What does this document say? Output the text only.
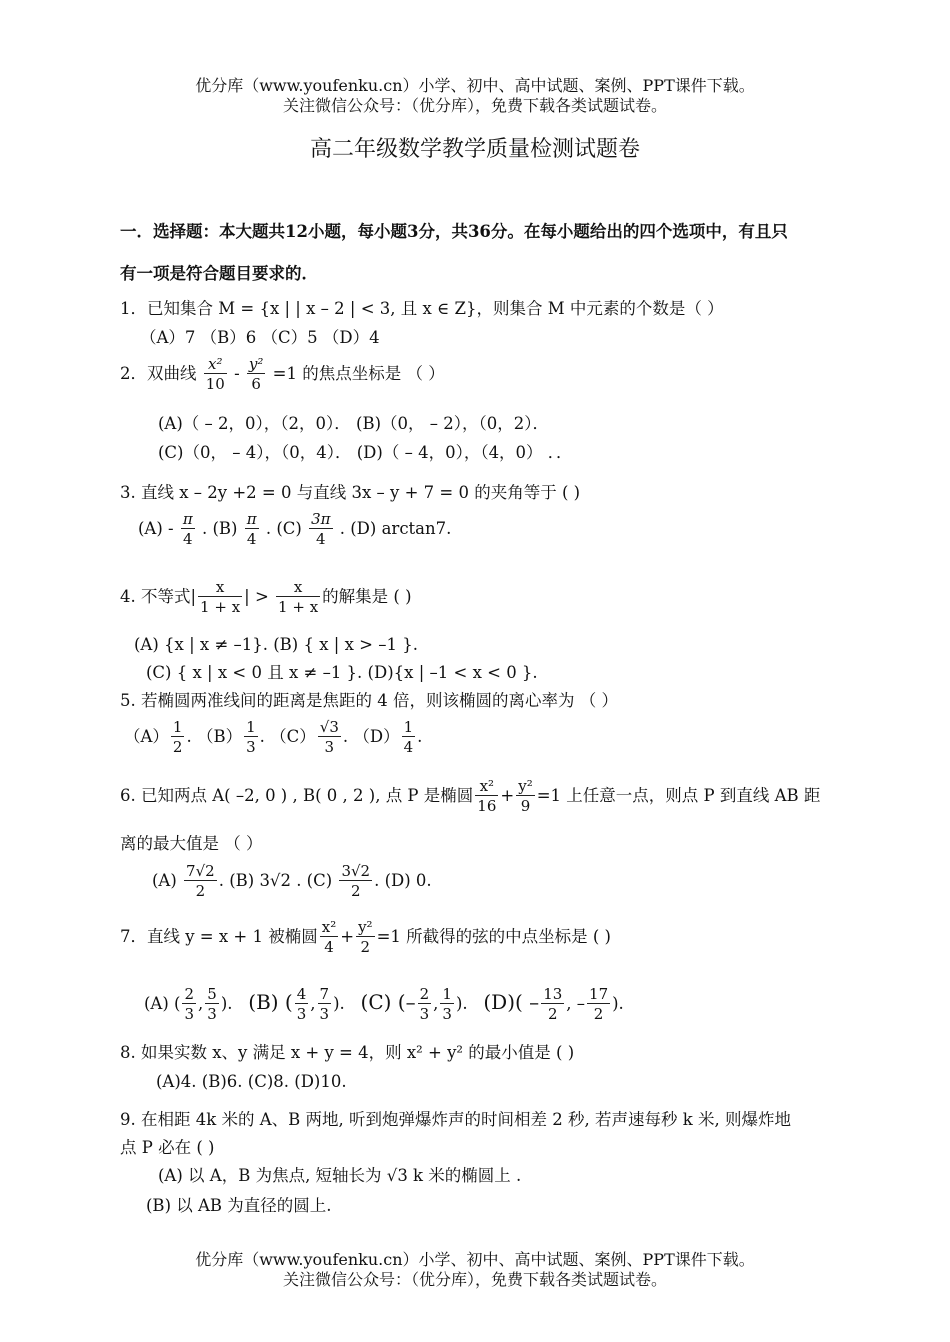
优分库（www.youfenku.cn）小学、初中、高中试题、案例、PPT课件下载。
关注微信公众号：（优分库），免费下载各类试题试卷。
高二年级数学教学质量检测试题卷
一．选择题：本大题共12小题，每小题3分，共36分。在每小题给出的四个选项中，有且只
有一项是符合题目要求的．
1．已知集合 M = {x | | x – 2 | < 3, 且 x ∈ Z}，则集合 M 中元素的个数是（ ）
（A）7 （B）6 （C）5 （D）4
2．双曲线 $\frac{\text{x²}}{10} - \frac{\text{y²}}{6} =1$ 的焦点坐标是 （ ）
(A)（ – 2，0），（2，0）． (B)（0， – 2），（0，2）．
(C)（0， – 4），（0，4）． (D)（ – 4，0），（4，0） ．．
3. 直线 x – 2y +2 = 0 与直线 3x – y + 7 = 0 的夹角等于 ( )
$(A) - \frac{\pi}{4}$ . $(B) \frac{\pi}{4}$ . $(C) \frac{3\pi}{4}$ . (D) arctan7.
4. 不等式| $\frac{x}{1 + x}$ | > $\frac{x}{1 + x}$ 的解集是 ( )
(A) {x | x ≠ –1}. (B) { x | x > –1 }.
(C) { x | x < 0 且 x ≠ –1 }. (D){x | –1 < x < 0 }.
5. 若椭圆两准线间的距离是焦距的 4 倍，则该椭圆的离心率为 （ ）
$(A) \frac{1}{2}$ . $(B) \frac{1}{3}$ . $(C) \frac{√3}{3}$ . $(D) \frac{1}{4}$ .
6. 已知两点 A( –2, 0 ) , B( 0 , 2 ), 点 P 是椭圆 $\frac{\text{x²}}{16} + \frac{\text{y²}}{9} =1$ 上任意一点，则点 P 到直线 AB 距
离的最大值是 （ ）
$(A) \frac{7√2}{2}$ . (B) 3√2 . $(C) \frac{3√2}{2}$ . (D) 0.
7．直线 y = x + 1 被椭圆 $\frac{\text{x²}}{4} + \frac{\text{y²}}{2} =1$ 所截得的弦的中点坐标是 ( )
(A) ( $\frac{2}{3}$ , $\frac{5}{3}$ ). (B) ( $\frac{4}{3}$ , $\frac{7}{3}$ ). (C) (– $\frac{2}{3}$ , $\frac{1}{3}$ ). $(D)( - \frac{13}{2}$ , – $\frac{17}{2}$ ).
8. 如果实数 x、y 满足 x + y = 4，则 x² + y² 的最小值是 ( )
(A)4. (B)6. (C)8. (D)10.
9. 在相距 4k 米的 A、B 两地, 听到炮弹爆炸声的时间相差 2 秒, 若声速每秒 k 米, 则爆炸地
点 P 必在 ( )
(A) 以 A，B 为焦点, 短轴长为 √3 k 米的椭圆上 .
(B) 以 AB 为直径的圆上.
优分库（www.youfenku.cn）小学、初中、高中试题、案例、PPT课件下载。
关注微信公众号：（优分库），免费下载各类试题试卷。
